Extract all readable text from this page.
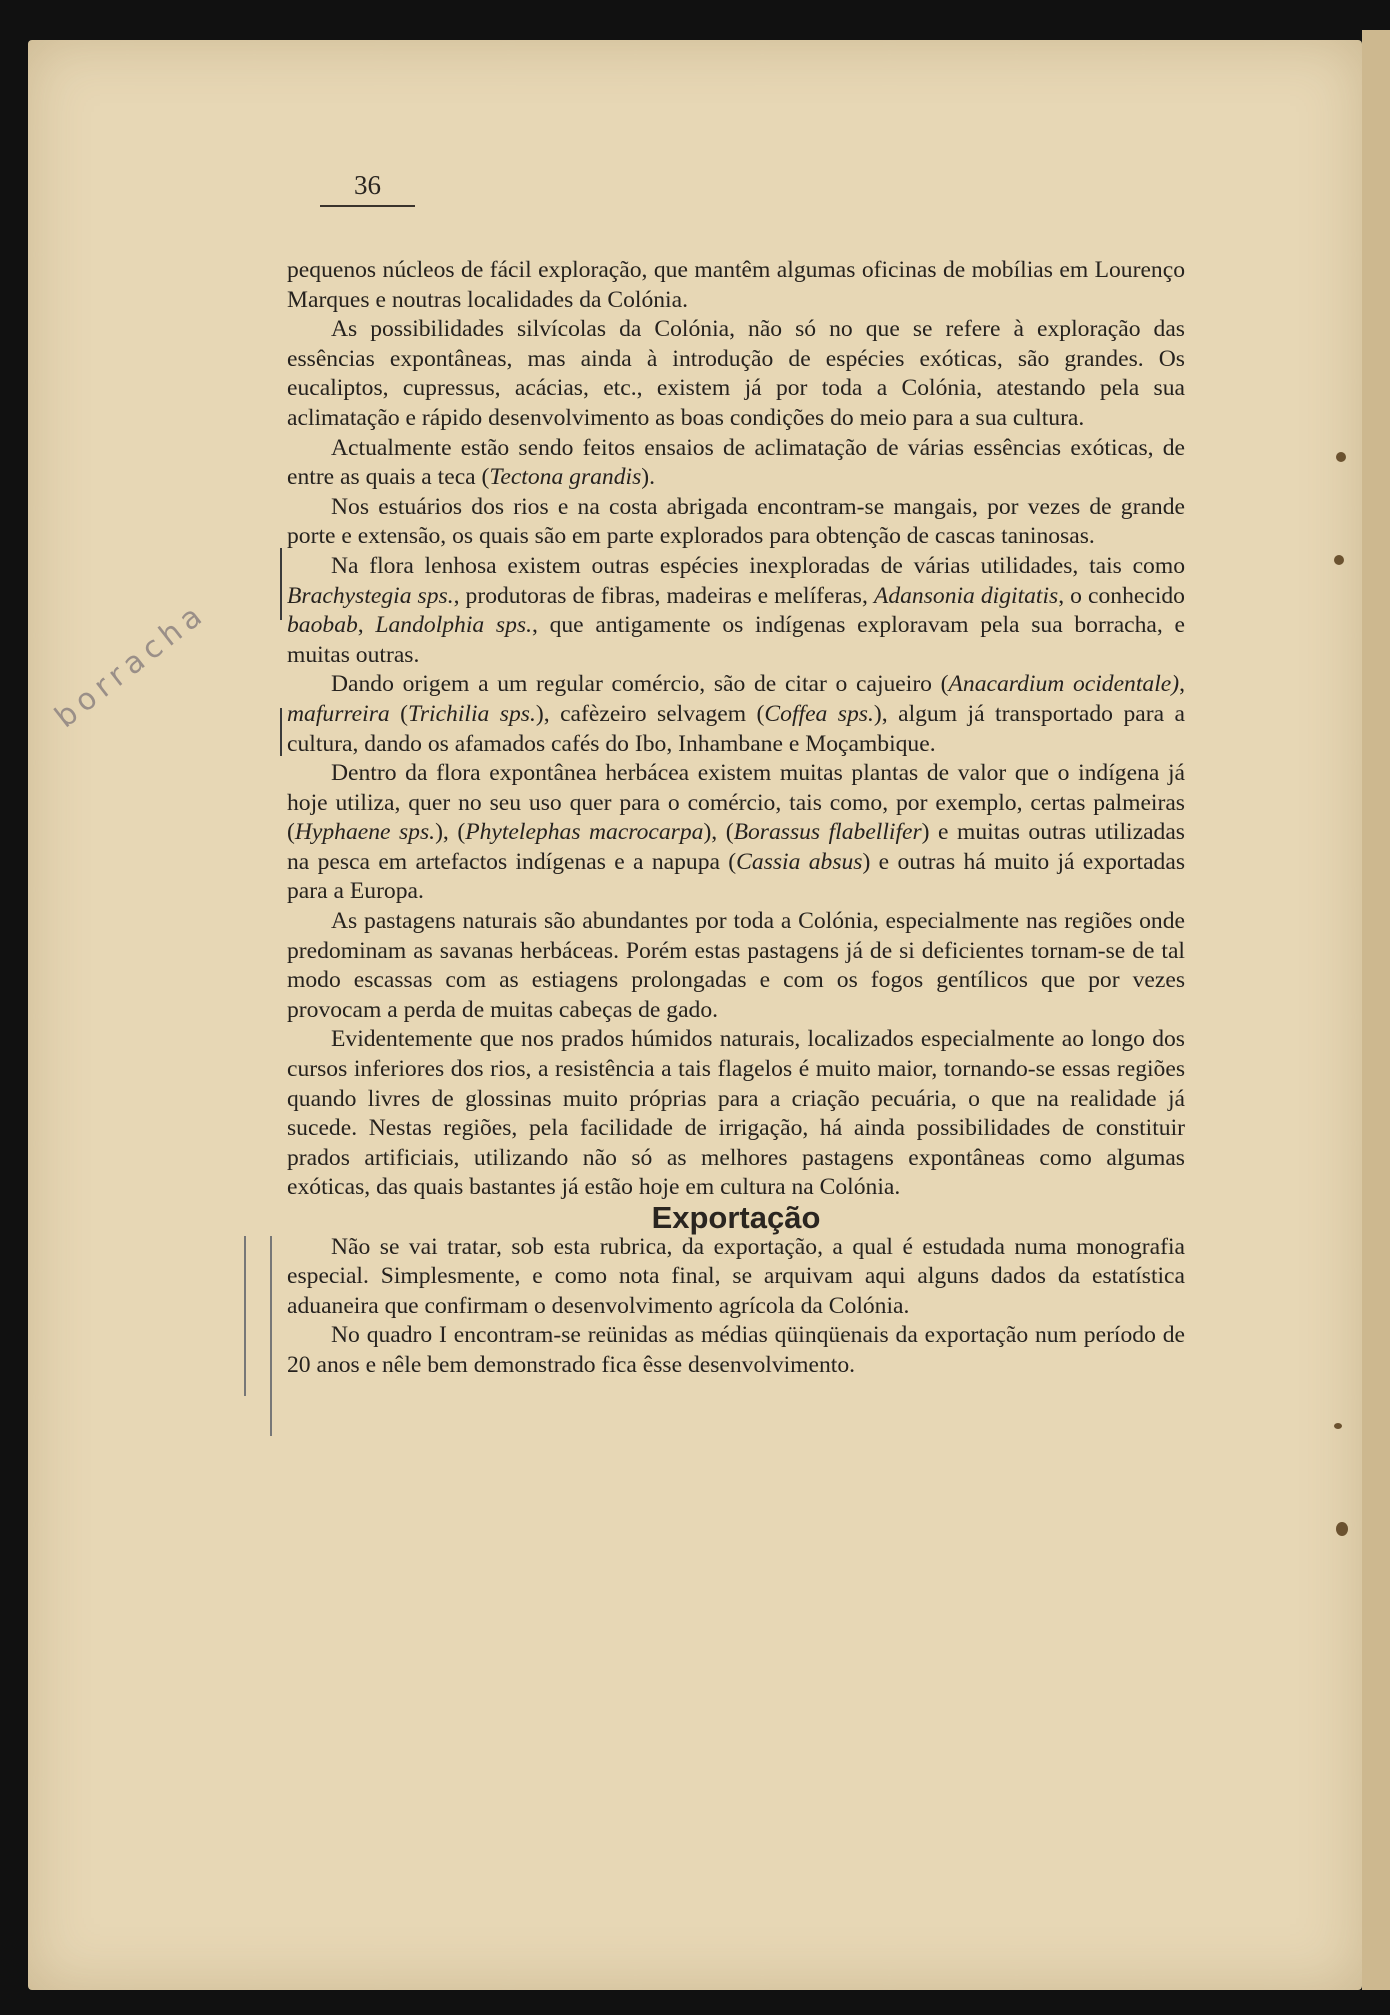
36
borracha

pequenos núcleos de fácil exploração, que mantêm algumas oficinas de mobílias em Lourenço Marques e noutras localidades da Colónia.

As possibilidades silvícolas da Colónia, não só no que se refere à exploração das essências expontâneas, mas ainda à introdução de espécies exóticas, são grandes. Os eucaliptos, cupressus, acácias, etc., existem já por toda a Colónia, atestando pela sua aclimatação e rápido desenvolvimento as boas condições do meio para a sua cultura.

Actualmente estão sendo feitos ensaios de aclimatação de várias essências exóticas, de entre as quais a teca (Tectona grandis).

Nos estuários dos rios e na costa abrigada encontram-se mangais, por vezes de grande porte e extensão, os quais são em parte explorados para obtenção de cascas taninosas.

Na flora lenhosa existem outras espécies inexploradas de várias utilidades, tais como Brachystegia sps., produtoras de fibras, madeiras e melíferas, Adansonia digitatis, o conhecido baobab, Landolphia sps., que antigamente os indígenas exploravam pela sua borracha, e muitas outras.

Dando origem a um regular comércio, são de citar o cajueiro (Anacardium ocidentale), mafurreira (Trichilia sps.), cafèzeiro selvagem (Coffea sps.), algum já transportado para a cultura, dando os afamados cafés do Ibo, Inhambane e Moçambique.

Dentro da flora expontânea herbácea existem muitas plantas de valor que o indígena já hoje utiliza, quer no seu uso quer para o comércio, tais como, por exemplo, certas palmeiras (Hyphaene sps.), (Phytelephas macrocarpa), (Borassus flabellifer) e muitas outras utilizadas na pesca em artefactos indígenas e a napupa (Cassia absus) e outras há muito já exportadas para a Europa.

As pastagens naturais são abundantes por toda a Colónia, especialmente nas regiões onde predominam as savanas herbáceas. Porém estas pastagens já de si deficientes tornam-se de tal modo escassas com as estiagens prolongadas e com os fogos gentílicos que por vezes provocam a perda de muitas cabeças de gado.

Evidentemente que nos prados húmidos naturais, localizados especialmente ao longo dos cursos inferiores dos rios, a resistência a tais flagelos é muito maior, tornando-se essas regiões quando livres de glossinas muito próprias para a criação pecuária, o que na realidade já sucede. Nestas regiões, pela facilidade de irrigação, há ainda possibilidades de constituir prados artificiais, utilizando não só as melhores pastagens expontâneas como algumas exóticas, das quais bastantes já estão hoje em cultura na Colónia.

Exportação

Não se vai tratar, sob esta rubrica, da exportação, a qual é estudada numa monografia especial. Simplesmente, e como nota final, se arquivam aqui alguns dados da estatística aduaneira que confirmam o desenvolvimento agrícola da Colónia.

No quadro I encontram-se reünidas as médias qüinqüenais da exportação num período de 20 anos e nêle bem demonstrado fica êsse desenvolvimento.
